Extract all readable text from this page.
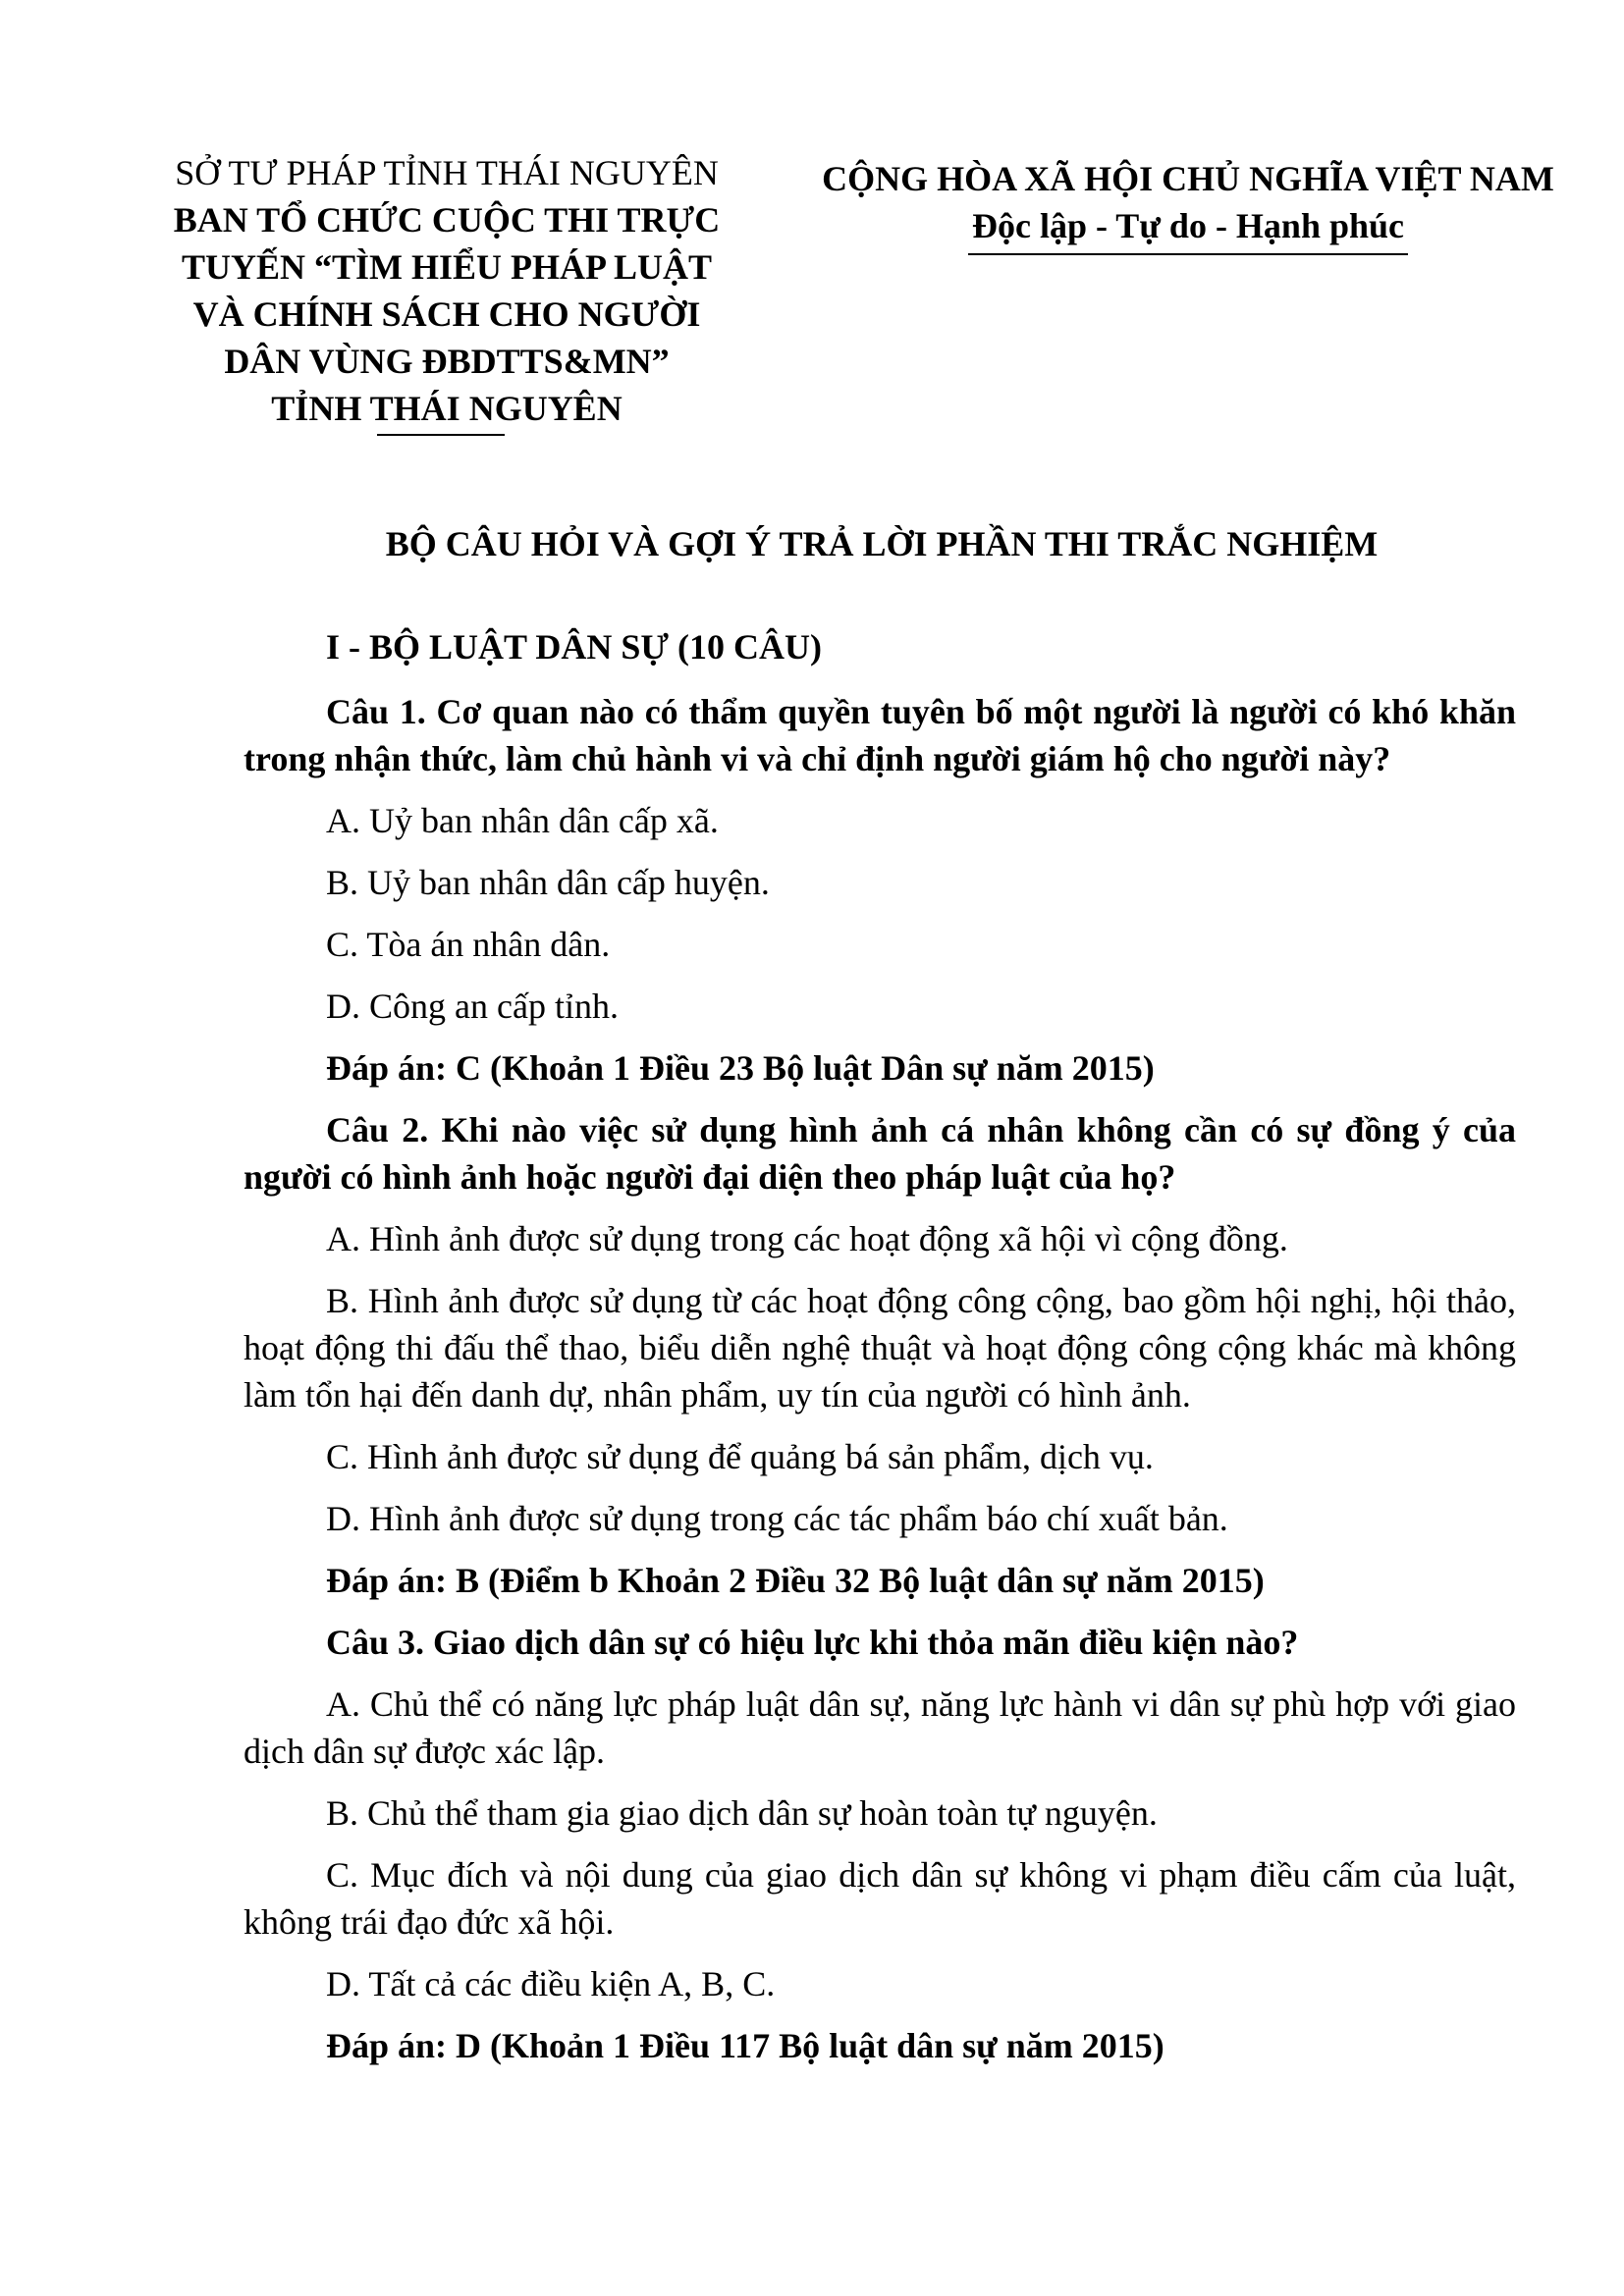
SỞ TƯ PHÁP TỈNH THÁI NGUYÊN
BAN TỔ CHỨC CUỘC THI TRỰC
TUYẾN “TÌM HIỂU PHÁP LUẬT
VÀ CHÍNH SÁCH CHO NGƯỜI
DÂN VÙNG ĐBDTTS&MN”
TỈNH THÁI NGUYÊN
CỘNG HÒA XÃ HỘI CHỦ NGHĨA VIỆT NAM
Độc lập - Tự do - Hạnh phúc
BỘ CÂU HỎI VÀ GỢI Ý TRẢ LỜI PHẦN THI TRẮC NGHIỆM

I - BỘ LUẬT DÂN SỰ (10 CÂU)

Câu 1. Cơ quan nào có thẩm quyền tuyên bố một người là người có khó khăn trong nhận thức, làm chủ hành vi và chỉ định người giám hộ cho người này?

A. Uỷ ban nhân dân cấp xã.

B. Uỷ ban nhân dân cấp huyện.

C. Tòa án nhân dân.

D. Công an cấp tỉnh.

Đáp án: C (Khoản 1 Điều 23 Bộ luật Dân sự năm 2015)

Câu 2. Khi nào việc sử dụng hình ảnh cá nhân không cần có sự đồng ý của người có hình ảnh hoặc người đại diện theo pháp luật của họ?

A. Hình ảnh được sử dụng trong các hoạt động xã hội vì cộng đồng.

B. Hình ảnh được sử dụng từ các hoạt động công cộng, bao gồm hội nghị, hội thảo, hoạt động thi đấu thể thao, biểu diễn nghệ thuật và hoạt động công cộng khác mà không làm tổn hại đến danh dự, nhân phẩm, uy tín của người có hình ảnh.

C. Hình ảnh được sử dụng để quảng bá sản phẩm, dịch vụ.

D. Hình ảnh được sử dụng trong các tác phẩm báo chí xuất bản.

Đáp án: B (Điểm b Khoản 2 Điều 32 Bộ luật dân sự năm 2015)

Câu 3. Giao dịch dân sự có hiệu lực khi thỏa mãn điều kiện nào?

A. Chủ thể có năng lực pháp luật dân sự, năng lực hành vi dân sự phù hợp với giao dịch dân sự được xác lập.

B. Chủ thể tham gia giao dịch dân sự hoàn toàn tự nguyện.

C. Mục đích và nội dung của giao dịch dân sự không vi phạm điều cấm của luật, không trái đạo đức xã hội.

D. Tất cả các điều kiện A, B, C.

Đáp án: D (Khoản 1 Điều 117 Bộ luật dân sự năm 2015)
